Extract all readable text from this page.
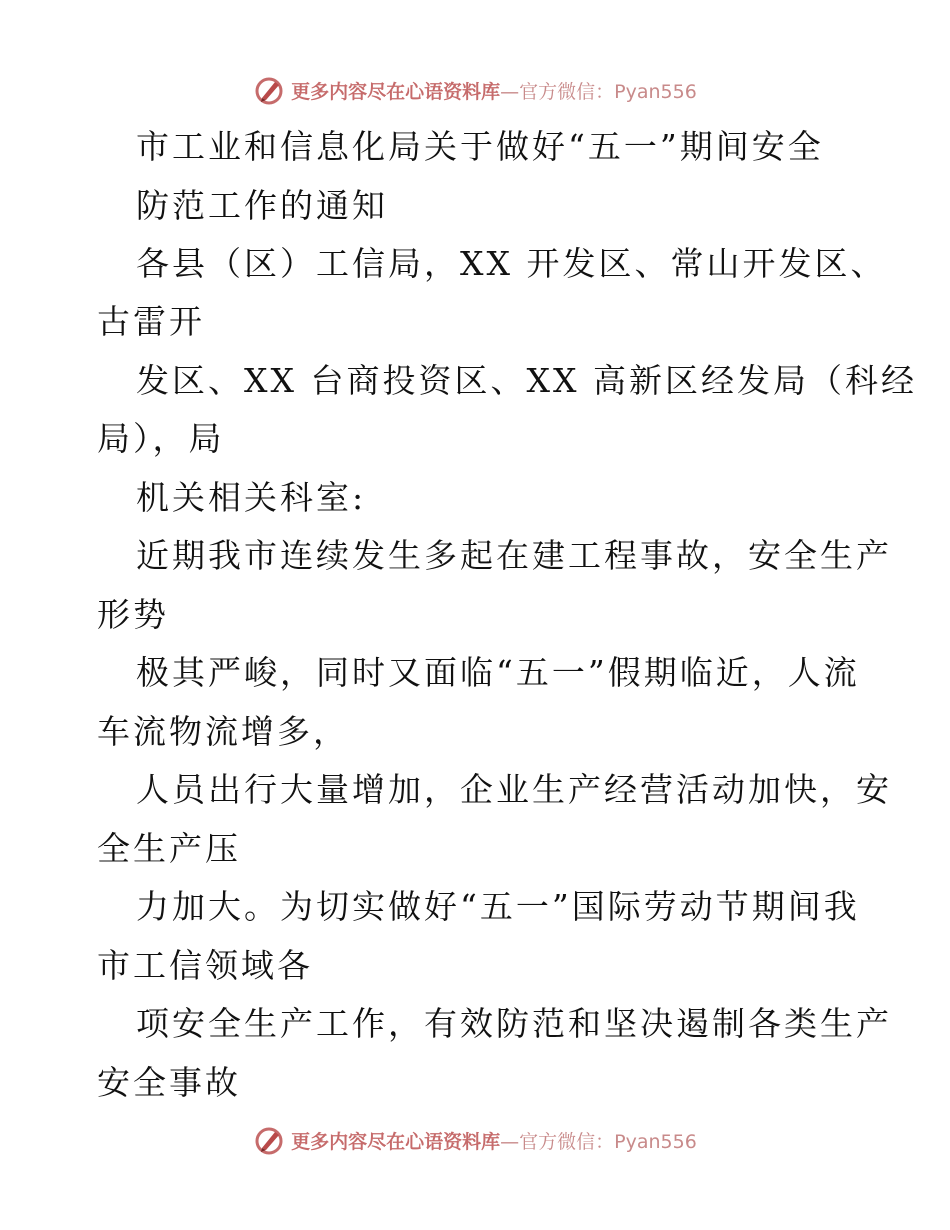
更多内容尽在心语资料库—官方微信：Pyan556
市工业和信息化局关于做好“五一”期间安全
防范工作的通知
各县（区）工信局，XX 开发区、常山开发区、
古雷开
发区、XX 台商投资区、XX 高新区经发局（科经
局），局
机关相关科室:
近期我市连续发生多起在建工程事故，安全生产
形势
极其严峻，同时又面临“五一”假期临近，人流
车流物流增多，
人员出行大量增加，企业生产经营活动加快，安
全生产压
力加大。为切实做好“五一”国际劳动节期间我
市工信领域各
项安全生产工作，有效防范和坚决遏制各类生产
安全事故
更多内容尽在心语资料库—官方微信：Pyan556
